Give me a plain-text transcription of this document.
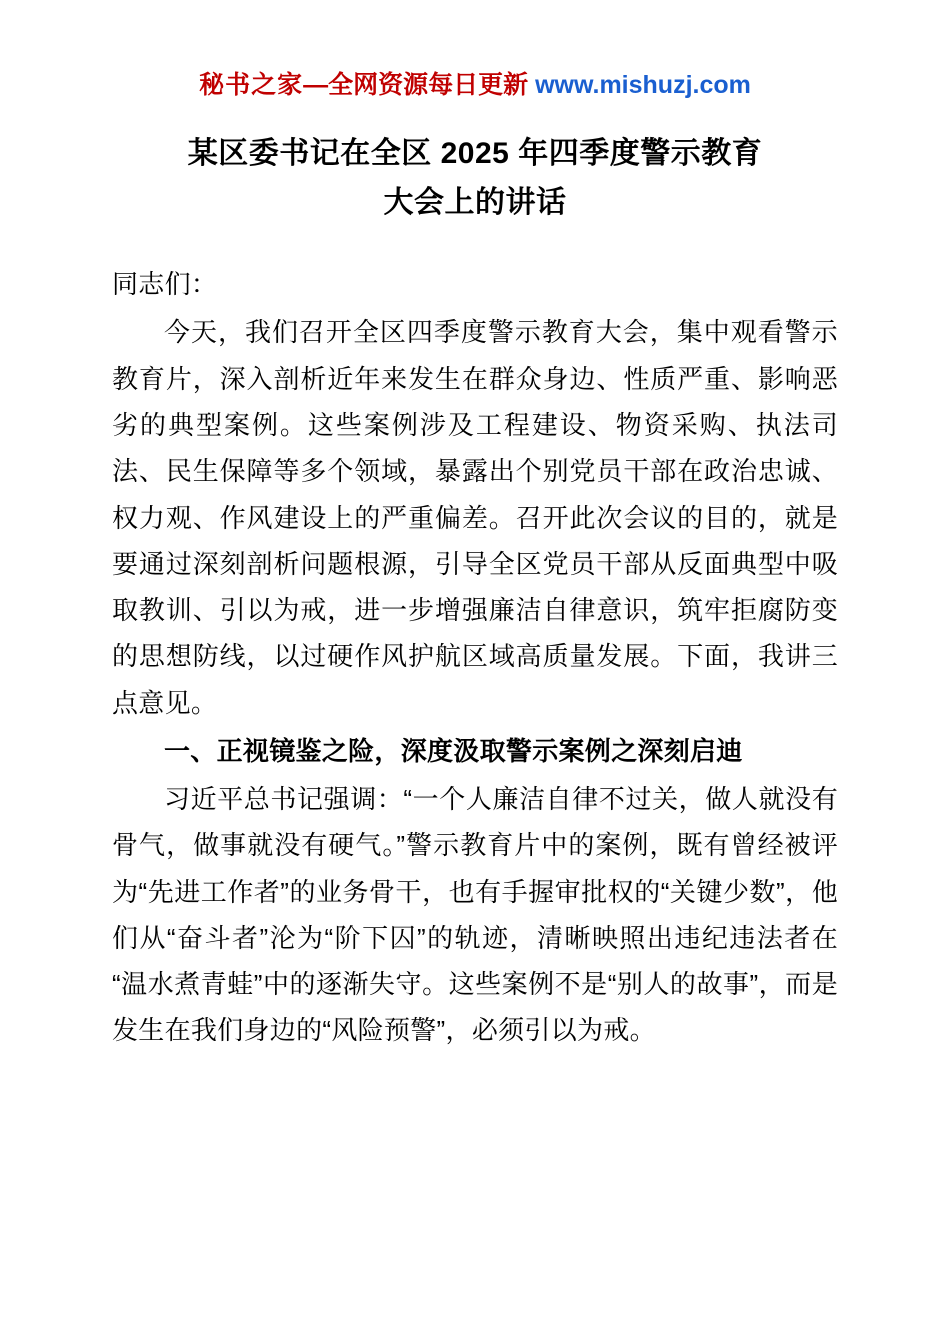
秘书之家—全网资源每日更新 www.mishuzj.com
某区委书记在全区 2025 年四季度警示教育
大会上的讲话

同志们：

今天，我们召开全区四季度警示教育大会，集中观看警示教育片，深入剖析近年来发生在群众身边、性质严重、影响恶劣的典型案例。这些案例涉及工程建设、物资采购、执法司法、民生保障等多个领域，暴露出个别党员干部在政治忠诚、权力观、作风建设上的严重偏差。召开此次会议的目的，就是要通过深刻剖析问题根源，引导全区党员干部从反面典型中吸取教训、引以为戒，进一步增强廉洁自律意识，筑牢拒腐防变的思想防线，以过硬作风护航区域高质量发展。下面，我讲三点意见。

一、正视镜鉴之险，深度汲取警示案例之深刻启迪

习近平总书记强调：“一个人廉洁自律不过关，做人就没有骨气，做事就没有硬气。”警示教育片中的案例，既有曾经被评为“先进工作者”的业务骨干，也有手握审批权的“关键少数”，他们从“奋斗者”沦为“阶下囚”的轨迹，清晰映照出违纪违法者在“温水煮青蛙”中的逐渐失守。这些案例不是“别人的故事”，而是发生在我们身边的“风险预警”，必须引以为戒。
